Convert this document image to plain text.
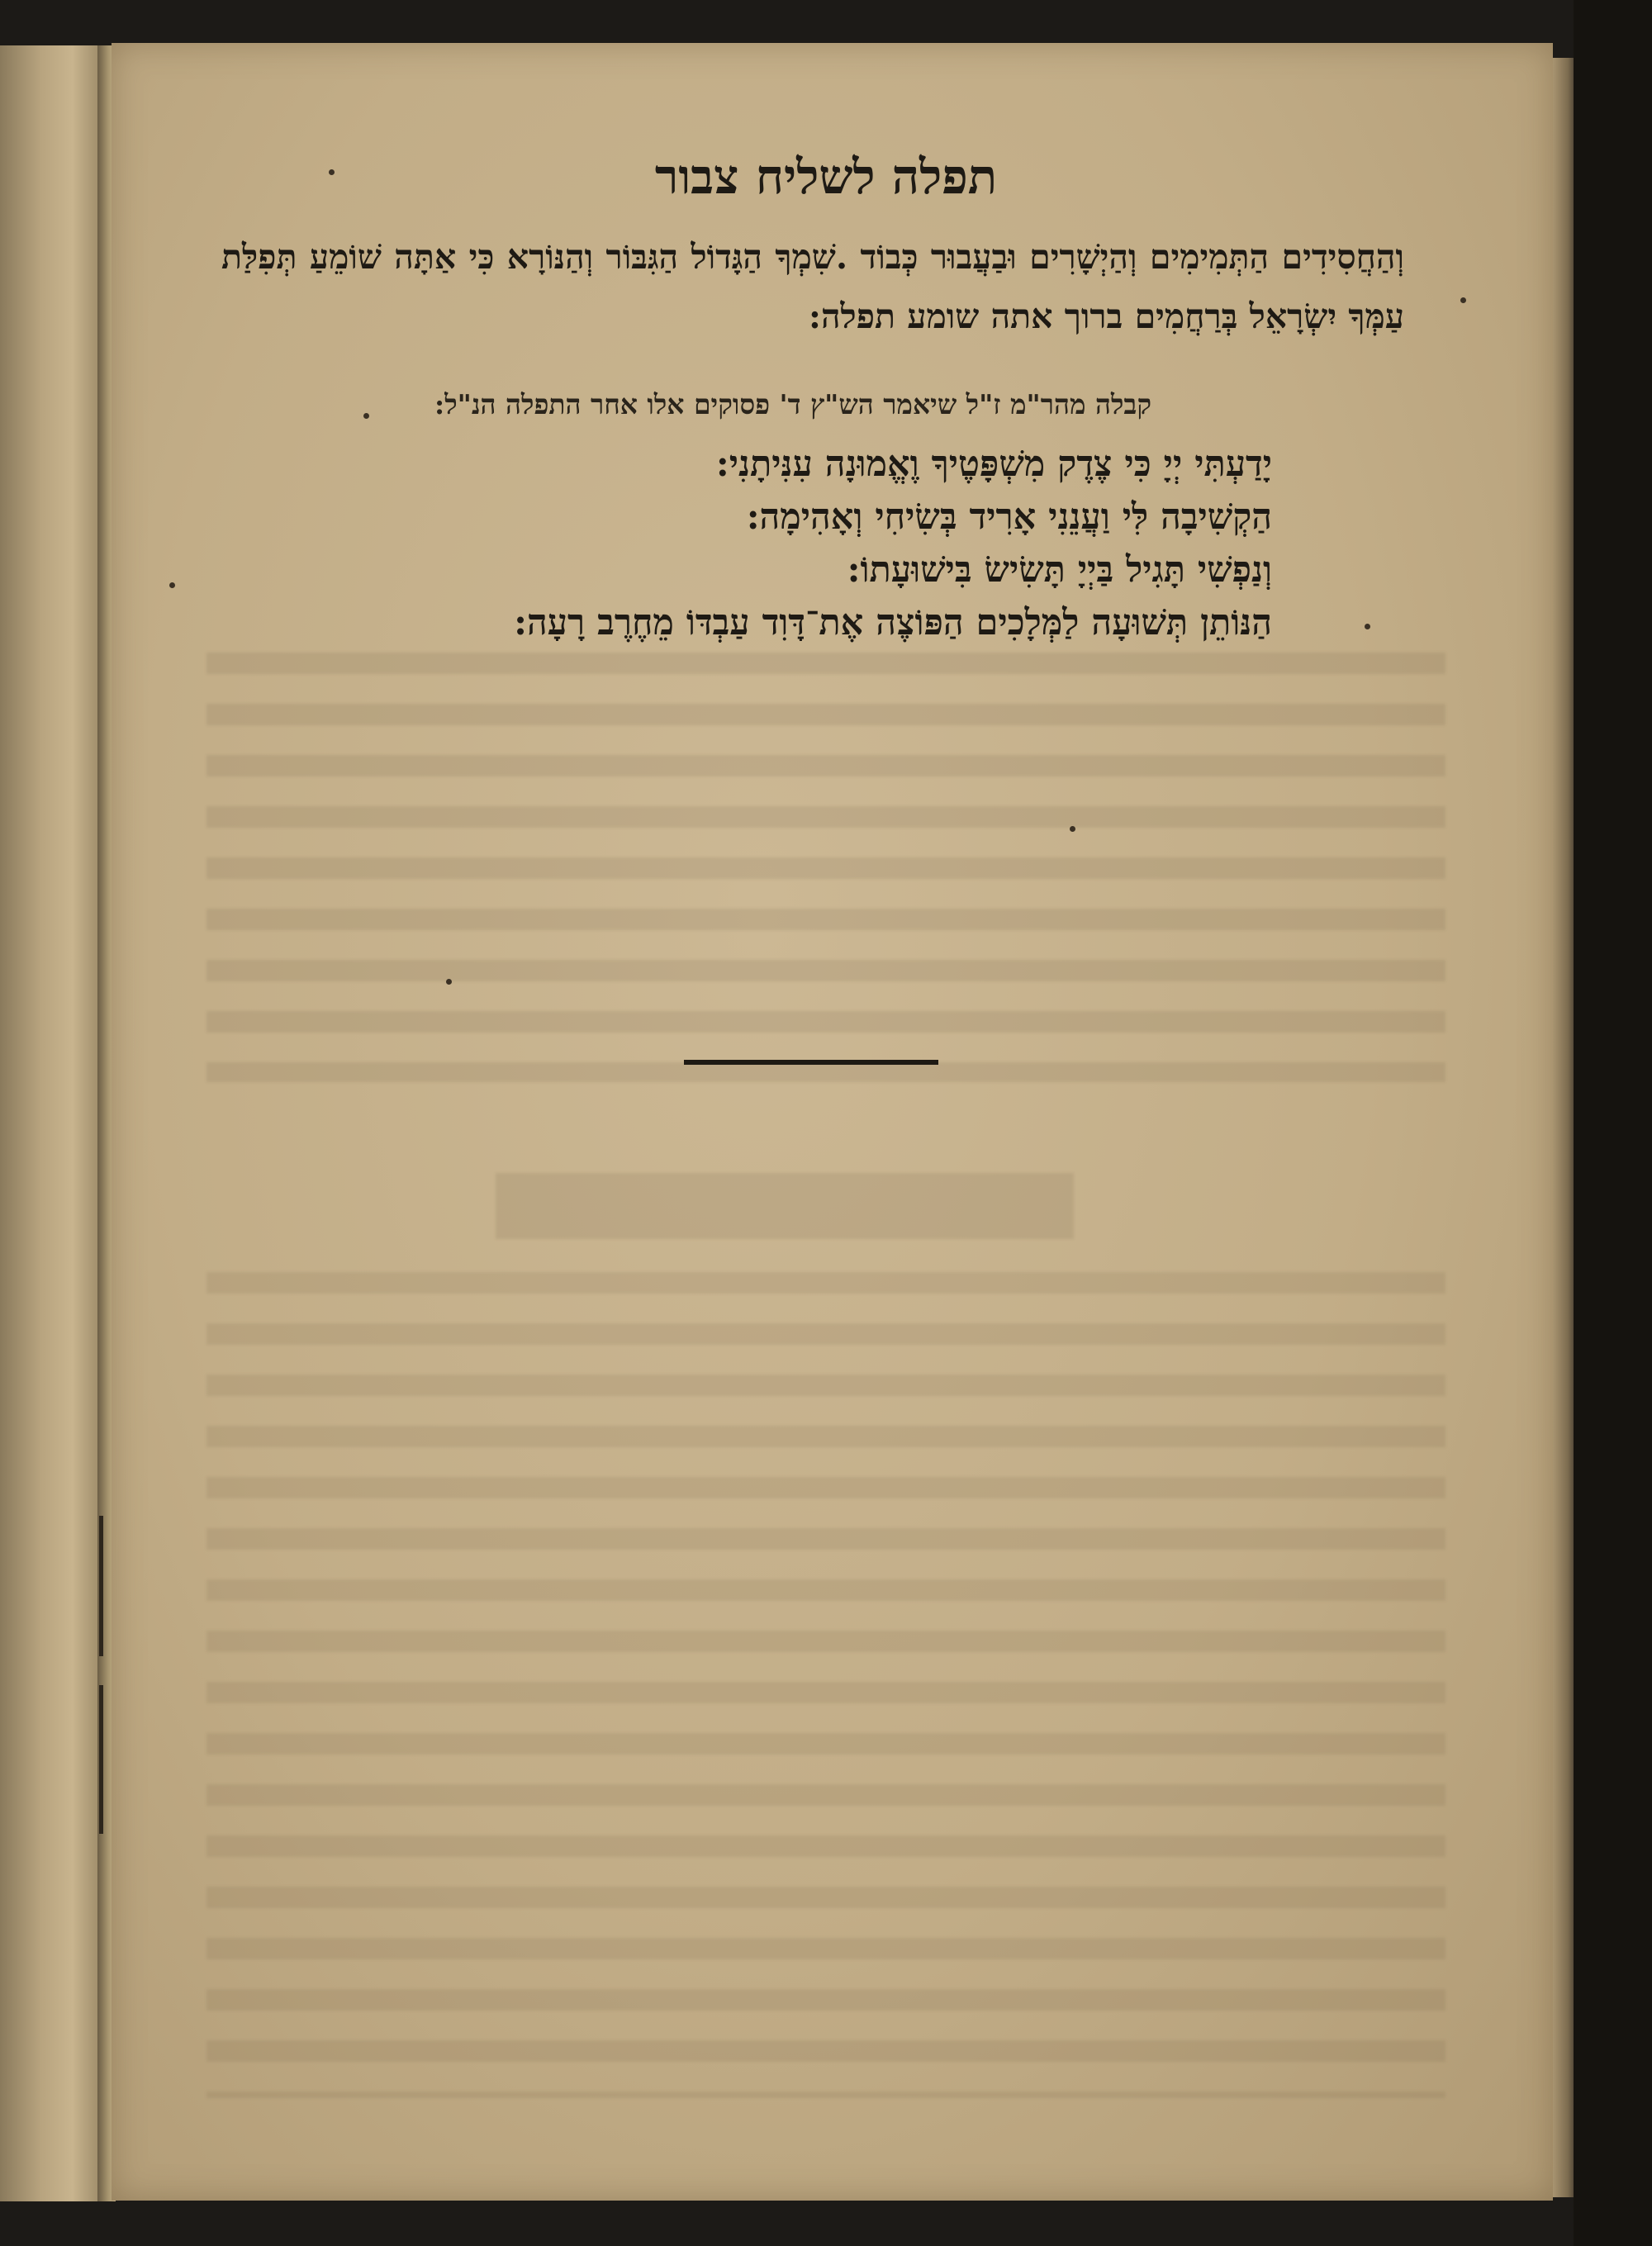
תפלה לשליח צבור
וְהַחֲסִידִים הַתְּמִימִים וְהַיְשָׁרִים וּבַעֲבוּר כְּבוֹד .שִׁמְךָ הַגָּדוֹל הַגִּבּוֹר וְהַנּוֹרָא כִּי אַתָּה שׁוֹמֵעַ תְּפִלַּת עַמְּךָ יִשְׂרָאֵל בְּרַחֲמִים ברוך אתה שומע תפלה:
קבלה מהר"מ ז"ל שיאמר הש"ץ ד' פסוקים אלו אחר התפלה הנ"ל:
יָדַעְתִּי יְיָ כִּי צֶדֶק מִשְׁפָּטֶיךָ וֶאֱמוּנָה עִנִּיתָנִי:
הַקְשִׁיבָה לִּי וַעֲנֵנִי אָרִיד בְּשִׂיחִי וְאָהִימָה:
וְנַפְשִׁי תָּגִיל בַּיְיָ תָּשִׂישׂ בִּישׁוּעָתוֹ:
הַנּוֹתֵן תְּשׁוּעָה לַמְּלָכִים הַפּוֹצֶה אֶת־דָּוִד עַבְדּוֹ מֵחֶרֶב רָעָה:
